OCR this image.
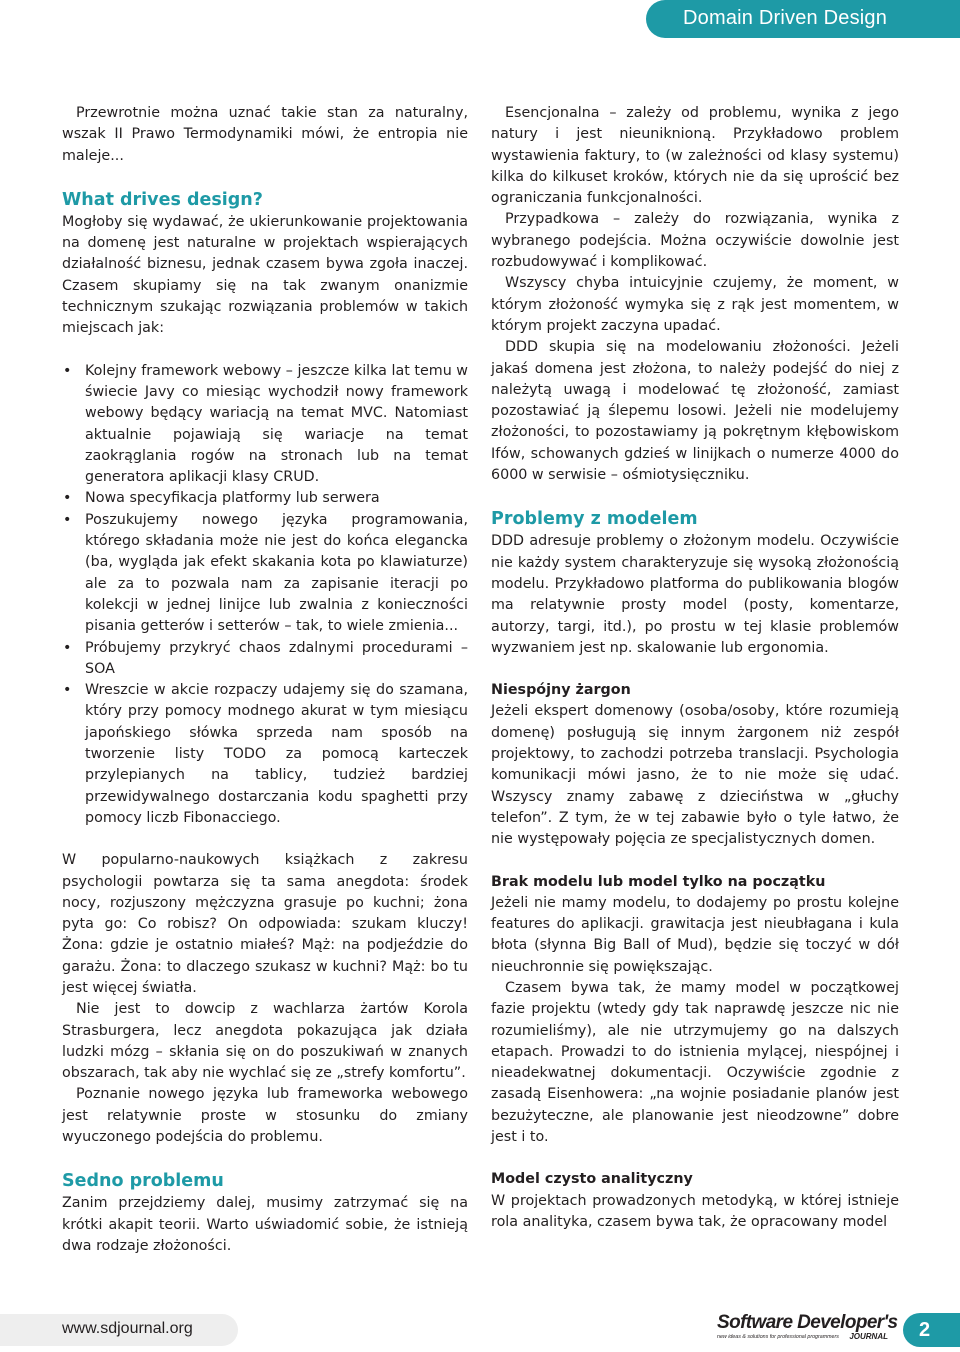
Domain Driven Design

Przewrotnie można uznać takie stan za naturalny, wszak II Prawo Termodynamiki mówi, że entropia nie maleje...

What drives design?

Mogłoby się wydawać, że ukierunkowanie projektowania na domenę jest naturalne w projektach wspierających działalność biznesu, jednak czasem bywa zgoła inaczej. Czasem skupiamy się na tak zwanym onanizmie technicznym szukając rozwiązania problemów w takich miejscach jak:

• Kolejny framework webowy – jeszcze kilka lat temu w świecie Javy co miesiąc wychodził nowy framework webowy będący wariacją na temat MVC. Natomiast aktualnie pojawiają się wariacje na temat zaokrąglania rogów na stronach lub na temat generatora aplikacji klasy CRUD.
• Nowa specyfikacja platformy lub serwera
• Poszukujemy nowego języka programowania, którego składania może nie jest do końca elegancka (ba, wygląda jak efekt skakania kota po klawiaturze) ale za to pozwala nam za zapisanie iteracji po kolekcji w jednej linijce lub zwalnia z konieczności pisania getterów i setterów – tak, to wiele zmienia...
• Próbujemy przykryć chaos zdalnymi procedurami – SOA
• Wreszcie w akcie rozpaczy udajemy się do szamana, który przy pomocy modnego akurat w tym miesiącu japońskiego słówka sprzeda nam sposób na tworzenie listy TODO za pomocą karteczek przylepianych na tablicy, tudzież bardziej przewidywalnego dostarczania kodu spaghetti przy pomocy liczb Fibonacciego.

W popularno-naukowych książkach z zakresu psychologii powtarza się ta sama anegdota: środek nocy, rozjuszony mężczyzna grasuje po kuchni; żona pyta go: Co robisz? On odpowiada: szukam kluczy! Żona: gdzie je ostatnio miałeś? Mąż: na podjeździe do garażu. Żona: to dlaczego szukasz w kuchni? Mąż: bo tu jest więcej światła.

Nie jest to dowcip z wachlarza żartów Korola Strasburgera, lecz anegdota pokazująca jak działa ludzki mózg – skłania się on do poszukiwań w znanych obszarach, tak aby nie wychlać się ze „strefy komfortu”.

Poznanie nowego języka lub frameworka webowego jest relatywnie proste w stosunku do zmiany wyuczonego podejścia do problemu.

Sedno problemu

Zanim przejdziemy dalej, musimy zatrzymać się na krótki akapit teorii. Warto uświadomić sobie, że istnieją dwa rodzaje złożoności.

Esencjonalna – zależy od problemu, wynika z jego natury i jest nieuniknioną. Przykładowo problem wystawienia faktury, to (w zależności od klasy systemu) kilka do kilkuset kroków, których nie da się uprościć bez ograniczania funkcjonalności.

Przypadkowa – zależy do rozwiązania, wynika z wybranego podejścia. Można oczywiście dowolnie jest rozbudowywać i komplikować.

Wszyscy chyba intuicyjnie czujemy, że moment, w którym złożoność wymyka się z rąk jest momentem, w którym projekt zaczyna upadać.

DDD skupia się na modelowaniu złożoności. Jeżeli jakaś domena jest złożona, to należy podejść do niej z należytą uwagą i modelować tę złożoność, zamiast pozostawiać ją ślepemu losowi. Jeżeli nie modelujemy złożoności, to pozostawiamy ją pokrętnym kłębowiskom Ifów, schowanych gdzieś w linijkach o numerze 4000 do 6000 w serwisie – ośmiotysięczniku.

Problemy z modelem

DDD adresuje problemy o złożonym modelu. Oczywiście nie każdy system charakteryzuje się wysoką złożonością modelu. Przykładowo platforma do publikowania blogów ma relatywnie prosty model (posty, komentarze, autorzy, targi, itd.), po prostu w tej klasie problemów wyzwaniem jest np. skalowanie lub ergonomia.

Niespójny żargon

Jeżeli ekspert domenowy (osoba/osoby, które rozumieją domenę) posługują się innym żargonem niż zespół projektowy, to zachodzi potrzeba translacji. Psychologia komunikacji mówi jasno, że to nie może się udać. Wszyscy znamy zabawę z dzieciństwa w „głuchy telefon”. Z tym, że w tej zabawie było o tyle łatwo, że nie występowały pojęcia ze specjalistycznych domen.

Brak modelu lub model tylko na początku

Jeżeli nie mamy modelu, to dodajemy po prostu kolejne features do aplikacji. grawitacja jest nieubłagana i kula błota (słynna Big Ball of Mud), będzie się toczyć w dół nieuchronnie się powiększając.

Czasem bywa tak, że mamy model w początkowej fazie projektu (wtedy gdy tak naprawdę jeszcze nic nie rozumieliśmy), ale nie utrzymujemy go na dalszych etapach. Prowadzi to do istnienia mylącej, niespójnej i nieadekwatnej dokumentacji. Oczywiście zgodnie z zasadą Eisenhowera: „na wojnie posiadanie planów jest bezużyteczne, ale planowanie jest nieodzowne” dobre jest i to.

Model czysto analityczny

W projektach prowadzonych metodyką, w której istnieje rola analityka, czasem bywa tak, że opracowany model

www.sdjournal.org	Software Developer's
new ideas & solutions for professional programmers	JOURNAL 2
